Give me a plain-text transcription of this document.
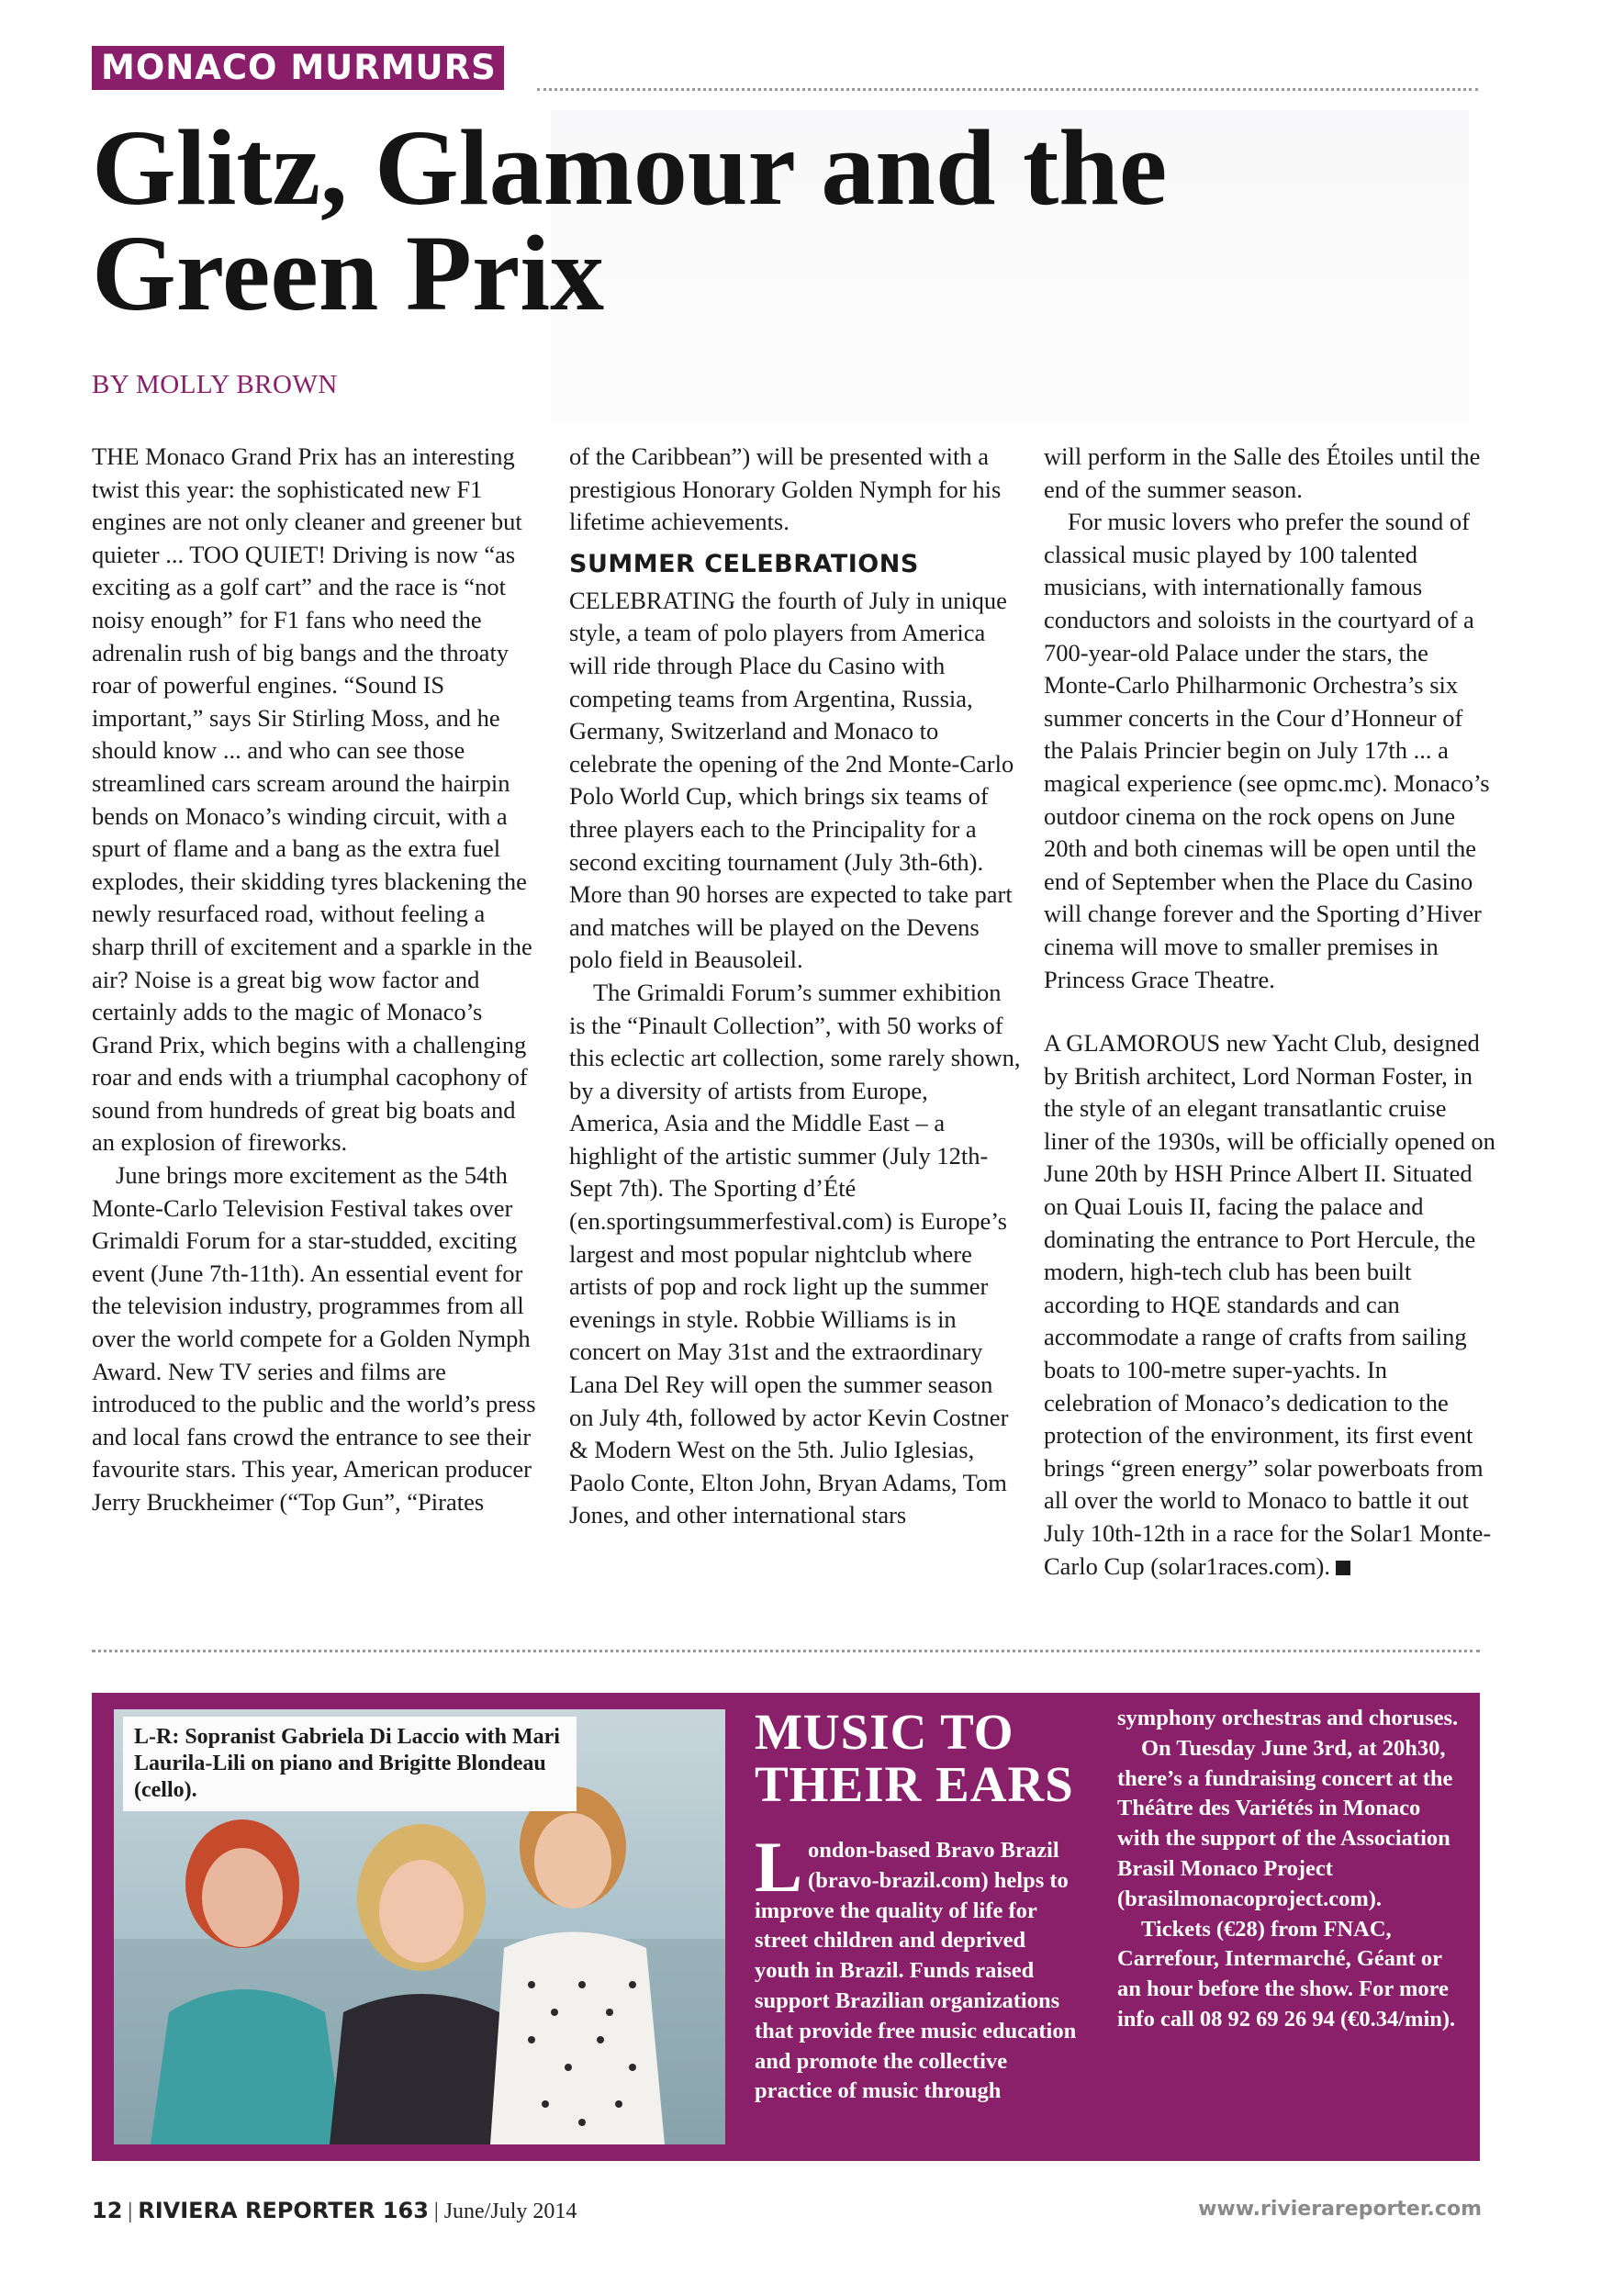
MONACO MURMURS
Glitz, Glamour and the Green Prix
BY MOLLY BROWN

THE Monaco Grand Prix has an interesting twist this year: the sophisticated new F1 engines are not only cleaner and greener but quieter ... TOO QUIET! Driving is now “as exciting as a golf cart” and the race is “not noisy enough” for F1 fans who need the adrenalin rush of big bangs and the throaty roar of powerful engines. “Sound IS important,” says Sir Stirling Moss, and he should know ... and who can see those streamlined cars scream around the hairpin bends on Monaco’s winding circuit, with a spurt of flame and a bang as the extra fuel explodes, their skidding tyres blackening the newly resurfaced road, without feeling a sharp thrill of excitement and a sparkle in the air? Noise is a great big wow factor and certainly adds to the magic of Monaco’s Grand Prix, which begins with a challenging roar and ends with a triumphal cacophony of sound from hundreds of great big boats and an explosion of fireworks.

June brings more excitement as the 54th Monte-Carlo Television Festival takes over Grimaldi Forum for a star-studded, exciting event (June 7th-11th). An essential event for the television industry, programmes from all over the world compete for a Golden Nymph Award. New TV series and films are introduced to the public and the world’s press and local fans crowd the entrance to see their favourite stars. This year, American producer Jerry Bruckheimer (“Top Gun”, “Pirates

of the Caribbean”) will be presented with a prestigious Honorary Golden Nymph for his lifetime achievements.

SUMMER CELEBRATIONS

CELEBRATING the fourth of July in unique style, a team of polo players from America will ride through Place du Casino with competing teams from Argentina, Russia, Germany, Switzerland and Monaco to celebrate the opening of the 2nd Monte-Carlo Polo World Cup, which brings six teams of three players each to the Principality for a second exciting tournament (July 3th-6th). More than 90 horses are expected to take part and matches will be played on the Devens polo field in Beausoleil.

The Grimaldi Forum’s summer exhibition is the “Pinault Collection”, with 50 works of this eclectic art collection, some rarely shown, by a diversity of artists from Europe, America, Asia and the Middle East – a highlight of the artistic summer (July 12th-Sept 7th). The Sporting d’Été (en.sportingsummerfestival.com) is Europe’s largest and most popular nightclub where artists of pop and rock light up the summer evenings in style. Robbie Williams is in concert on May 31st and the extraordinary Lana Del Rey will open the summer season on July 4th, followed by actor Kevin Costner & Modern West on the 5th. Julio Iglesias, Paolo Conte, Elton John, Bryan Adams, Tom Jones, and other international stars

will perform in the Salle des Étoiles until the end of the summer season.

For music lovers who prefer the sound of classical music played by 100 talented musicians, with internationally famous conductors and soloists in the courtyard of a 700-year-old Palace under the stars, the Monte-Carlo Philharmonic Orchestra’s six summer concerts in the Cour d’Honneur of the Palais Princier begin on July 17th ... a magical experience (see opmc.mc). Monaco’s outdoor cinema on the rock opens on June 20th and both cinemas will be open until the end of September when the Place du Casino will change forever and the Sporting d’Hiver cinema will move to smaller premises in Princess Grace Theatre.

A GLAMOROUS new Yacht Club, designed by British architect, Lord Norman Foster, in the style of an elegant transatlantic cruise liner of the 1930s, will be officially opened on June 20th by HSH Prince Albert II. Situated on Quai Louis II, facing the palace and dominating the entrance to Port Hercule, the modern, high-tech club has been built according to HQE standards and can accommodate a range of crafts from sailing boats to 100-metre super-yachts. In celebration of Monaco’s dedication to the protection of the environment, its first event brings “green energy” solar powerboats from all over the world to Monaco to battle it out July 10th-12th in a race for the Solar1 Monte-Carlo Cup (solar1races.com).

L-R: Sopranist Gabriela Di Laccio with Mari Laurila-Lili on piano and Brigitte Blondeau (cello).
MUSIC TO THEIR EARS

London-based Bravo Brazil (bravo-brazil.com) helps to improve the quality of life for street children and deprived youth in Brazil. Funds raised support Brazilian organizations that provide free music education and promote the collective practice of music through

symphony orchestras and choruses.

On Tuesday June 3rd, at 20h30, there’s a fundraising concert at the Théâtre des Variétés in Monaco with the support of the Association Brasil Monaco Project (brasilmonacoproject.com).

Tickets (€28) from FNAC, Carrefour, Intermarché, Géant or an hour before the show. For more info call 08 92 69 26 94 (€0.34/min).

12 | RIVIERA REPORTER 163 | June/July 2014	www.rivierareporter.com
